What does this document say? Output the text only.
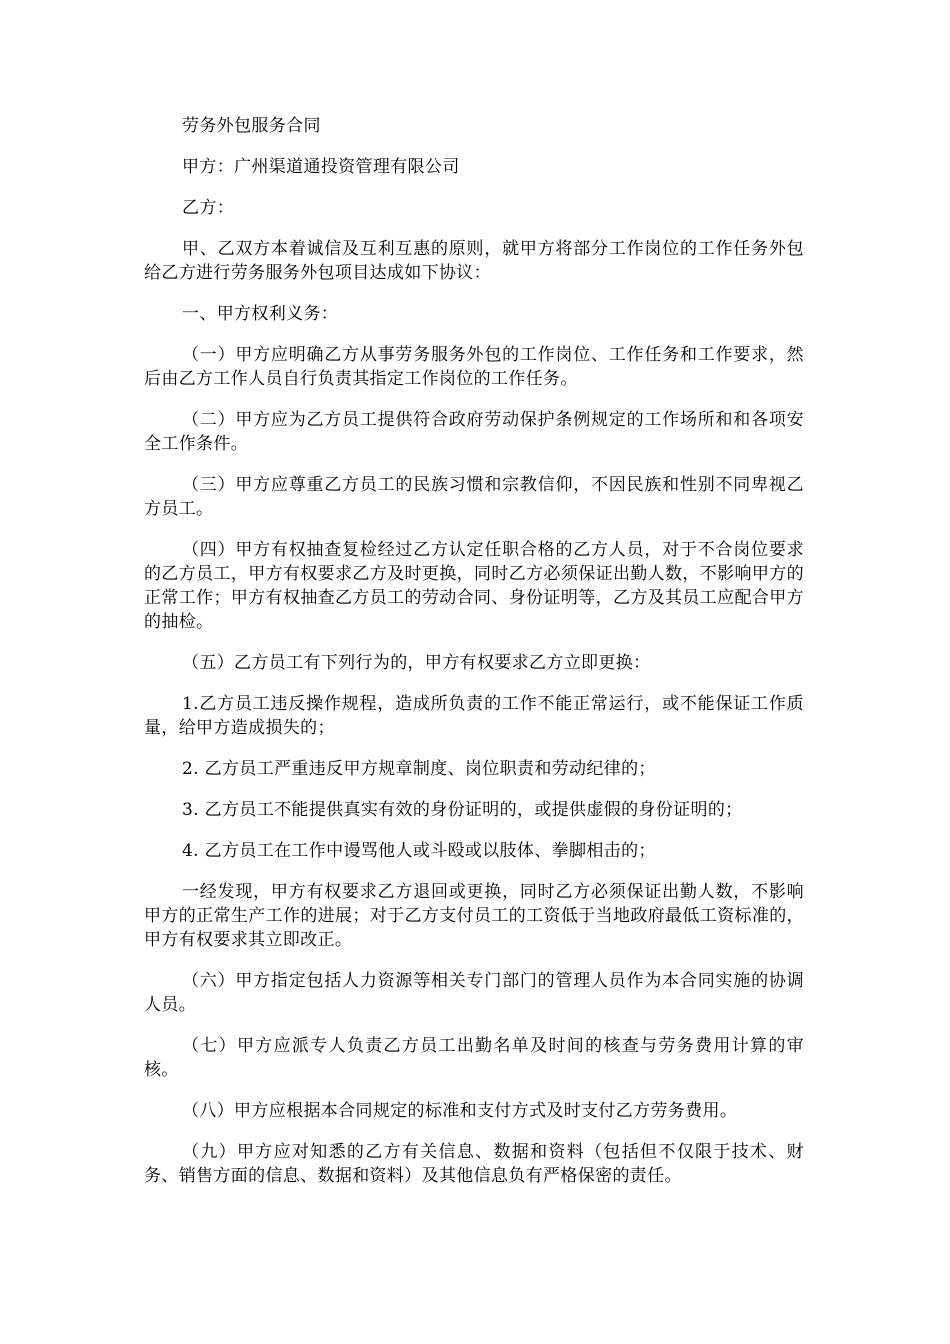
劳务外包服务合同

甲方：广州渠道通投资管理有限公司

乙方：

甲、乙双方本着诚信及互利互惠的原则，就甲方将部分工作岗位的工作任务外包给乙方进行劳务服务外包项目达成如下协议：

一、甲方权利义务：

（一）甲方应明确乙方从事劳务服务外包的工作岗位、工作任务和工作要求，然后由乙方工作人员自行负责其指定工作岗位的工作任务。

（二）甲方应为乙方员工提供符合政府劳动保护条例规定的工作场所和和各项安全工作条件。

（三）甲方应尊重乙方员工的民族习惯和宗教信仰，不因民族和性别不同卑视乙方员工。

（四）甲方有权抽查复检经过乙方认定任职合格的乙方人员，对于不合岗位要求的乙方员工，甲方有权要求乙方及时更换，同时乙方必须保证出勤人数，不影响甲方的正常工作；甲方有权抽查乙方员工的劳动合同、身份证明等，乙方及其员工应配合甲方的抽检。

（五）乙方员工有下列行为的，甲方有权要求乙方立即更换：

1.乙方员工违反操作规程，造成所负责的工作不能正常运行，或不能保证工作质量，给甲方造成损失的；

2. 乙方员工严重违反甲方规章制度、岗位职责和劳动纪律的；

3. 乙方员工不能提供真实有效的身份证明的，或提供虚假的身份证明的；

4. 乙方员工在工作中谩骂他人或斗殴或以肢体、拳脚相击的；

一经发现，甲方有权要求乙方退回或更换，同时乙方必须保证出勤人数，不影响甲方的正常生产工作的进展；对于乙方支付员工的工资低于当地政府最低工资标准的，甲方有权要求其立即改正。

（六）甲方指定包括人力资源等相关专门部门的管理人员作为本合同实施的协调人员。

（七）甲方应派专人负责乙方员工出勤名单及时间的核查与劳务费用计算的审核。

（八）甲方应根据本合同规定的标准和支付方式及时支付乙方劳务费用。

（九）甲方应对知悉的乙方有关信息、数据和资料（包括但不仅限于技术、财务、销售方面的信息、数据和资料）及其他信息负有严格保密的责任。
